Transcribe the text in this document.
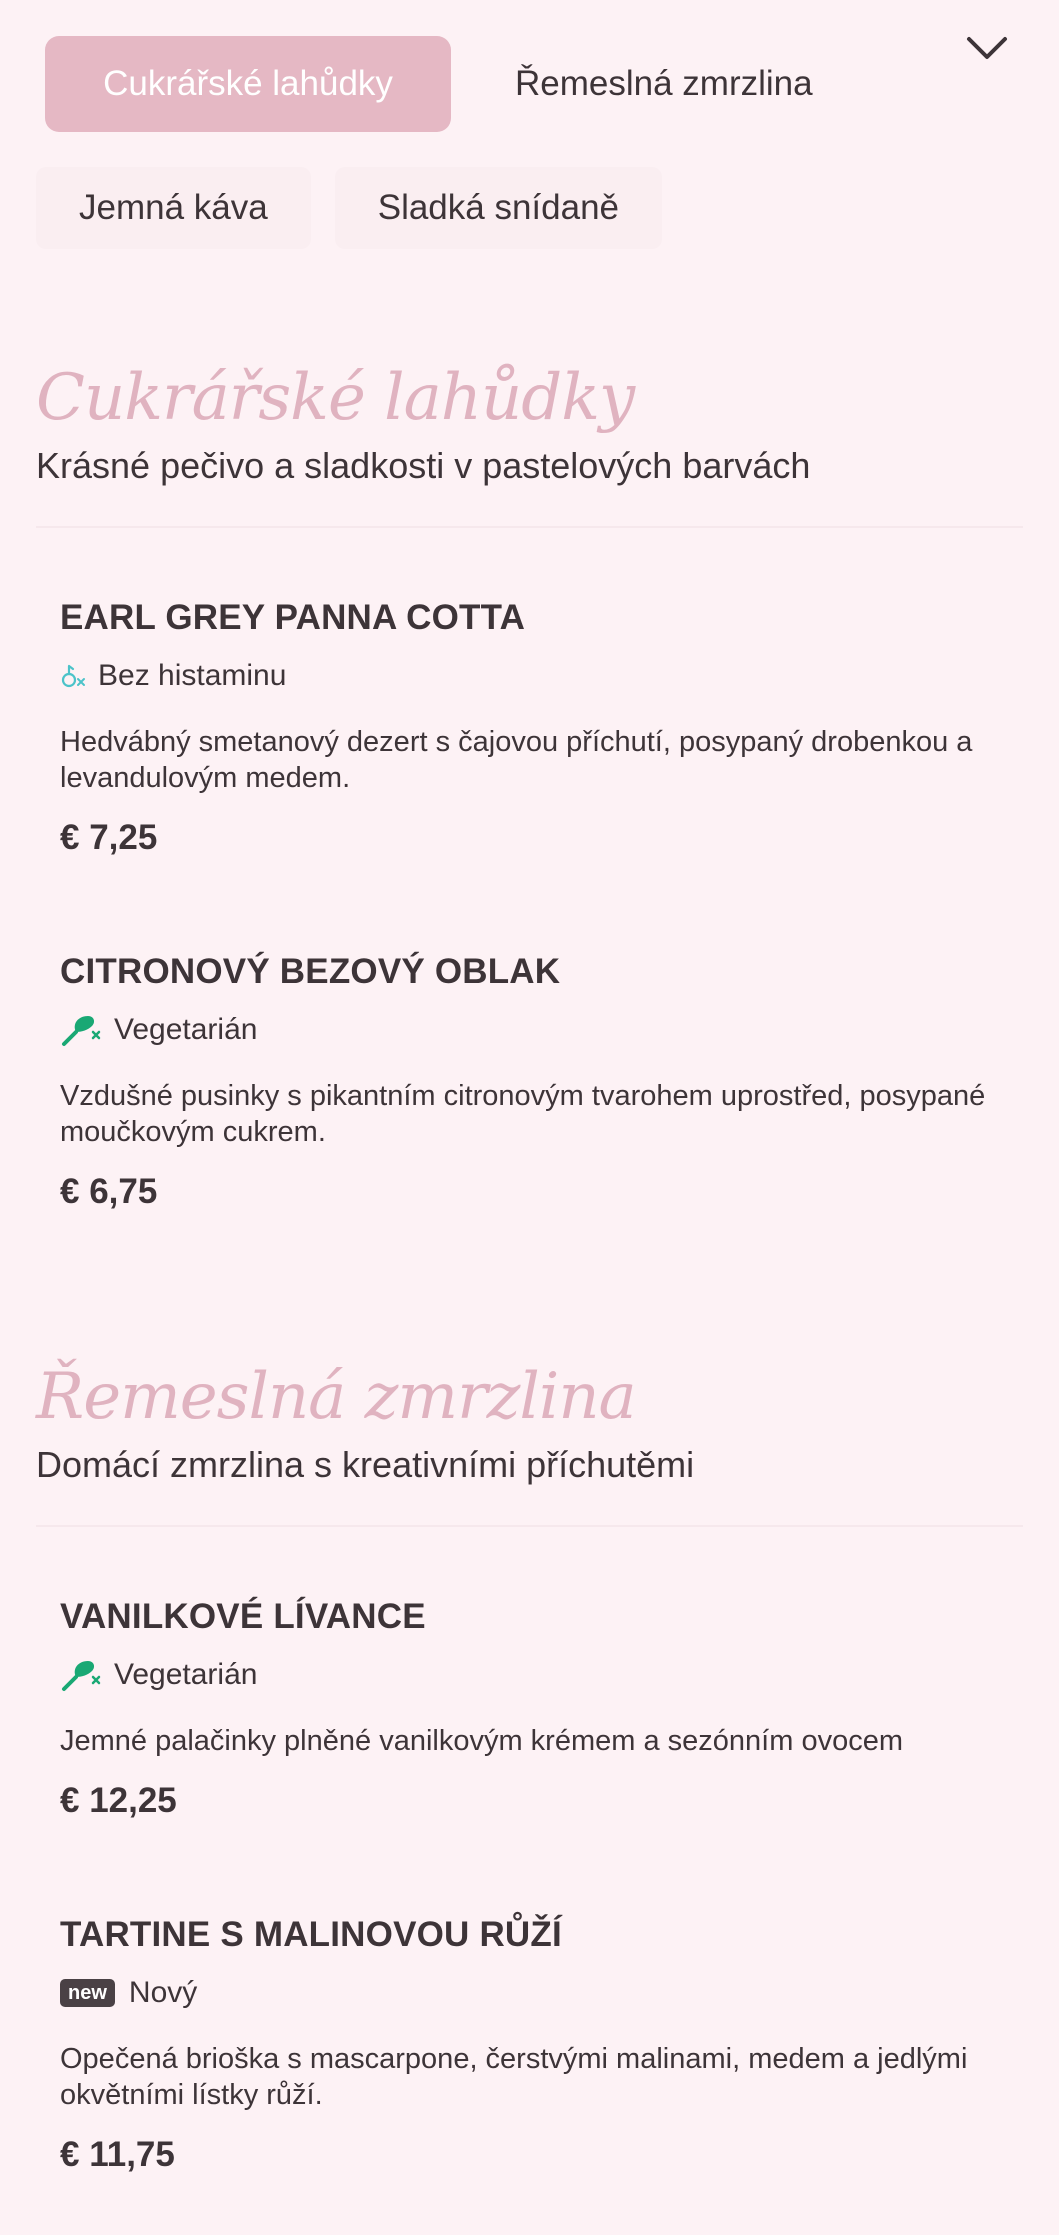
Cukrářské lahůdky	Řemeslná zmrzlina
Jemná káva	Sladká snídaně
Cukrářské lahůdky
Krásné pečivo a sladkosti v pastelových barvách
EARL GREY PANNA COTTA
Bez histaminu
Hedvábný smetanový dezert s čajovou příchutí, posypaný drobenkou a levandulovým medem.
€ 7,25
CITRONOVÝ BEZOVÝ OBLAK
Vegetarián
Vzdušné pusinky s pikantním citronovým tvarohem uprostřed, posypané moučkovým cukrem.
€ 6,75
Řemeslná zmrzlina
Domácí zmrzlina s kreativními příchutěmi
VANILKOVÉ LÍVANCE
Vegetarián
Jemné palačinky plněné vanilkovým krémem a sezónním ovocem
€ 12,25
TARTINE S MALINOVOU RŮŽÍ
new Nový
Opečená brioška s mascarpone, čerstvými malinami, medem a jedlými okvětními lístky růží.
€ 11,75
